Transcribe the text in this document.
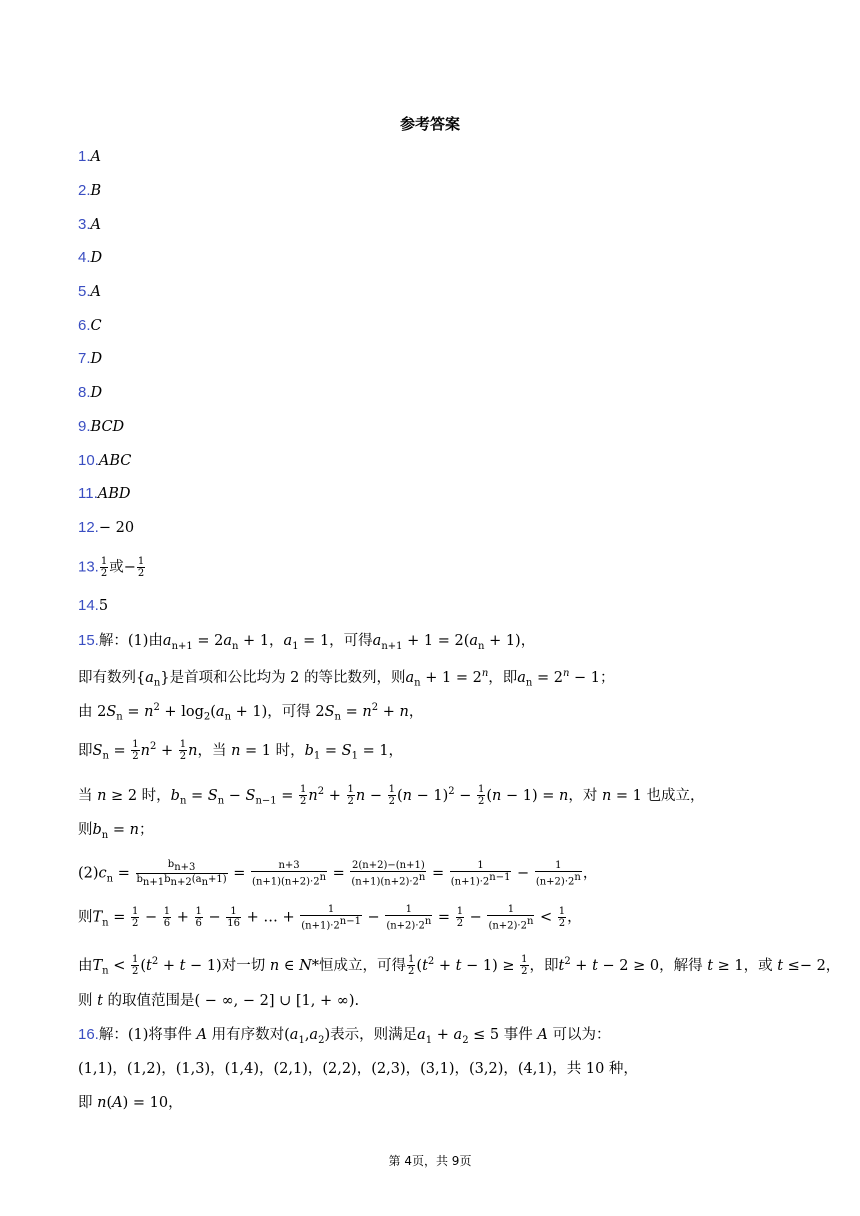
参考答案
1.A
2.B
3.A
4.D
5.A
6.C
7.D
8.D
9.BCD
10.ABC
11.ABD
12.− 20
13. $\frac{1}{2}$ 或− $\frac{1}{2}$
14.5
15.解：(1)由$a_{n+1} = 2a_n + 1$，$a_1 = 1$，可得$a_{n+1} + 1 = 2(a_n + 1)$，
即有数列$\{a_n\}$是首项和公比均为 2 的等比数列，则$a_n + 1 = 2^n$，即$a_n = 2^n - 1$；
由 $2S_n = n^2 + \log_2(a_n + 1)$，可得 $2S_n = n^2 + n$，
即$S_n = \frac{1}{2} n^2 + \frac{1}{2}$ n，当 n = 1 时，$b_1 = S_1 = 1$，
当 n ≥ 2 时，$b_n = S_n - S_{n-1} = \frac{1}{2} n^2 + \frac{1}{2}$ $n - \frac{1}{2} (n - 1)^2 - \frac{1}{2} (n - 1) = n$，对 n = 1 也成立，
则$b_n = n$；
$(2)c_n = \frac{b_{n+3}}{b_{n+1}b_{n+2}(a_n+1)} = \frac{n+3}{(n+1)(n+2)\cdot 2^n} = \frac{2(n+2)-(n+1)}{(n+1)(n+2)\cdot 2^n} = \frac{1}{(n+1)\cdot 2^{n-1}} - \frac{1}{(n+2)\cdot 2^n}$ ，
则$T_n = \frac{1}{2} - \frac{1}{6} + \frac{1}{6} - \frac{1}{16}$ + … + $\frac{1}{(n+1)\cdot 2^{n-1}} - \frac{1}{(n+2)\cdot 2^n} = \frac{1}{2} - \frac{1}{(n+2)\cdot 2^n} < \frac{1}{2}$ ，
由$T_n < \frac{1}{2} (t^2 + t - 1)$对一切 n ∈ N*恒成立，可得 $\frac{1}{2} (t^2 + t - 1) \ge \frac{1}{2}$ ，即$t^2 + t - 2 \ge 0$，解得 t ≥ 1，或 t ≤− 2，
则 t 的取值范围是( − ∞, − 2] ∪ [1, + ∞).
16.解：(1)将事件 A 用有序数对$(a_1,a_2)$表示，则满足$a_1 + a_2 \le 5$ 事件 A 可以为：
(1,1)，(1,2)，(1,3)，(1,4)，(2,1)，(2,2)，(2,3)，(3,1)，(3,2)，(4,1)，共 10 种，
即 n(A) = 10，
第 4页，共 9页
